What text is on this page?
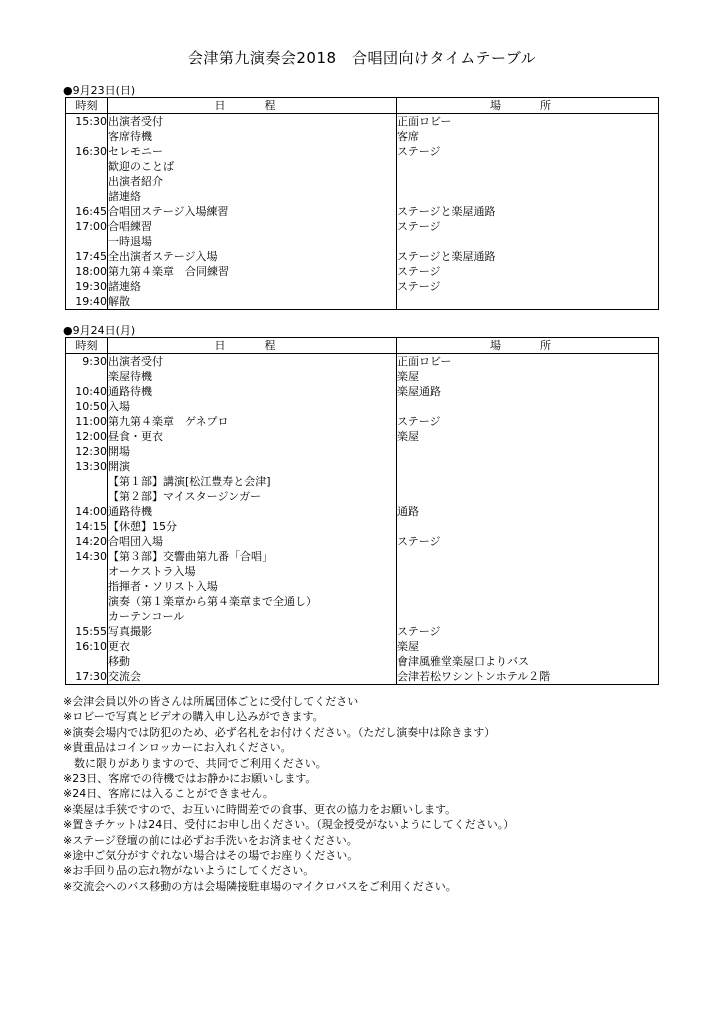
会津第九演奏会2018　合唱団向けタイムテーブル
●9月23日(日)
時刻	日　程	場　所
15:30	出演者受付	正面ロビー
	客席待機	客席
16:30	セレモニー	ステージ
	歓迎のことば	
	出演者紹介	
	諸連絡	
16:45	合唱団ステージ入場練習	ステージと楽屋通路
17:00	合唱練習	ステージ
	一時退場	
17:45	全出演者ステージ入場	ステージと楽屋通路
18:00	第九第４楽章　合同練習	ステージ
19:30	諸連絡	ステージ
19:40	解散	
●9月24日(月)
時刻	日　程	場　所
9:30	出演者受付	正面ロビー
	楽屋待機	楽屋
10:40	通路待機	楽屋通路
10:50	入場	
11:00	第九第４楽章　ゲネプロ	ステージ
12:00	昼食・更衣	楽屋
12:30	開場	
13:30	開演	
	【第１部】講演[松江豊寿と会津]	
	【第２部】マイスタージンガー	
14:00	通路待機	通路
14:15	【休憩】15分	
14:20	合唱団入場	ステージ
14:30	【第３部】交響曲第九番「合唱」	
	オーケストラ入場	
	指揮者・ソリスト入場	
	演奏（第１楽章から第４楽章まで全通し）	
	カーテンコール	
15:55	写真撮影	ステージ
16:10	更衣	楽屋
	移動	會津風雅堂楽屋口よりバス
17:30	交流会	会津若松ワシントンホテル２階
※会津会員以外の皆さんは所属団体ごとに受付してください
※ロビーで写真とビデオの購入申し込みができます。
※演奏会場内では防犯のため、必ず名札をお付けください。（ただし演奏中は除きます）
※貴重品はコインロッカーにお入れください。
　数に限りがありますので、共同でご利用ください。
※23日、客席での待機ではお静かにお願いします。
※24日、客席には入ることができません。
※楽屋は手狭ですので、お互いに時間差での食事、更衣の協力をお願いします。
※置きチケットは24日、受付にお申し出ください。（現金授受がないようにしてください。）
※ステージ登壇の前には必ずお手洗いをお済ませください。
※途中ご気分がすぐれない場合はその場でお座りください。
※お手回り品の忘れ物がないようにしてください。
※交流会へのバス移動の方は会場隣接駐車場のマイクロバスをご利用ください。
